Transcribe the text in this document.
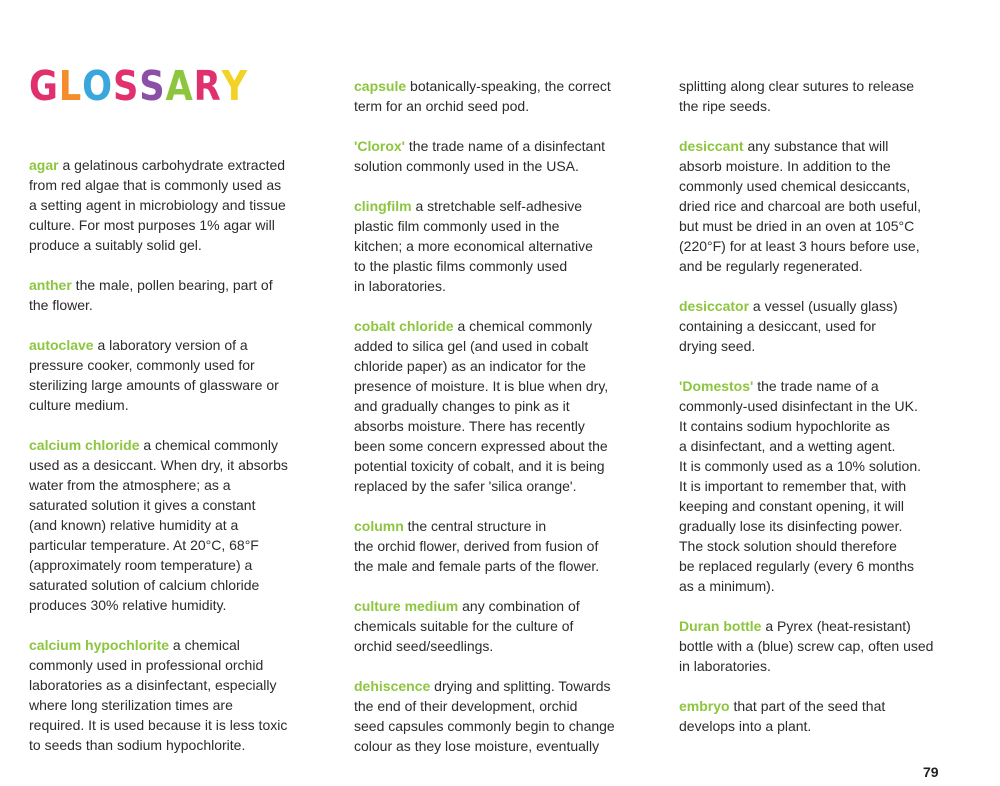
GLOSSARY
agar a gelatinous carbohydrate extracted
from red algae that is commonly used as
a setting agent in microbiology and tissue
culture. For most purposes 1% agar will
produce a suitably solid gel.
anther the male, pollen bearing, part of
the flower.
autoclave a laboratory version of a
pressure cooker, commonly used for
sterilizing large amounts of glassware or
culture medium.
calcium chloride a chemical commonly
used as a desiccant. When dry, it absorbs
water from the atmosphere; as a
saturated solution it gives a constant
(and known) relative humidity at a
particular temperature. At 20°C, 68°F
(approximately room temperature) a
saturated solution of calcium chloride
produces 30% relative humidity.
calcium hypochlorite a chemical
commonly used in professional orchid
laboratories as a disinfectant, especially
where long sterilization times are
required. It is used because it is less toxic
to seeds than sodium hypochlorite.
capsule botanically-speaking, the correct
term for an orchid seed pod.
'Clorox' the trade name of a disinfectant
solution commonly used in the USA.
clingfilm a stretchable self-adhesive
plastic film commonly used in the
kitchen; a more economical alternative
to the plastic films commonly used
in laboratories.
cobalt chloride a chemical commonly
added to silica gel (and used in cobalt
chloride paper) as an indicator for the
presence of moisture. It is blue when dry,
and gradually changes to pink as it
absorbs moisture. There has recently
been some concern expressed about the
potential toxicity of cobalt, and it is being
replaced by the safer 'silica orange'.
column the central structure in
the orchid flower, derived from fusion of
the male and female parts of the flower.
culture medium any combination of
chemicals suitable for the culture of
orchid seed/seedlings.
dehiscence drying and splitting. Towards
the end of their development, orchid
seed capsules commonly begin to change
colour as they lose moisture, eventually
splitting along clear sutures to release
the ripe seeds.
desiccant any substance that will
absorb moisture. In addition to the
commonly used chemical desiccants,
dried rice and charcoal are both useful,
but must be dried in an oven at 105°C
(220°F) for at least 3 hours before use,
and be regularly regenerated.
desiccator a vessel (usually glass)
containing a desiccant, used for
drying seed.
'Domestos' the trade name of a
commonly-used disinfectant in the UK.
It contains sodium hypochlorite as
a disinfectant, and a wetting agent.
It is commonly used as a 10% solution.
It is important to remember that, with
keeping and constant opening, it will
gradually lose its disinfecting power.
The stock solution should therefore
be replaced regularly (every 6 months
as a minimum).
Duran bottle a Pyrex (heat-resistant)
bottle with a (blue) screw cap, often used
in laboratories.
embryo that part of the seed that
develops into a plant.
79
